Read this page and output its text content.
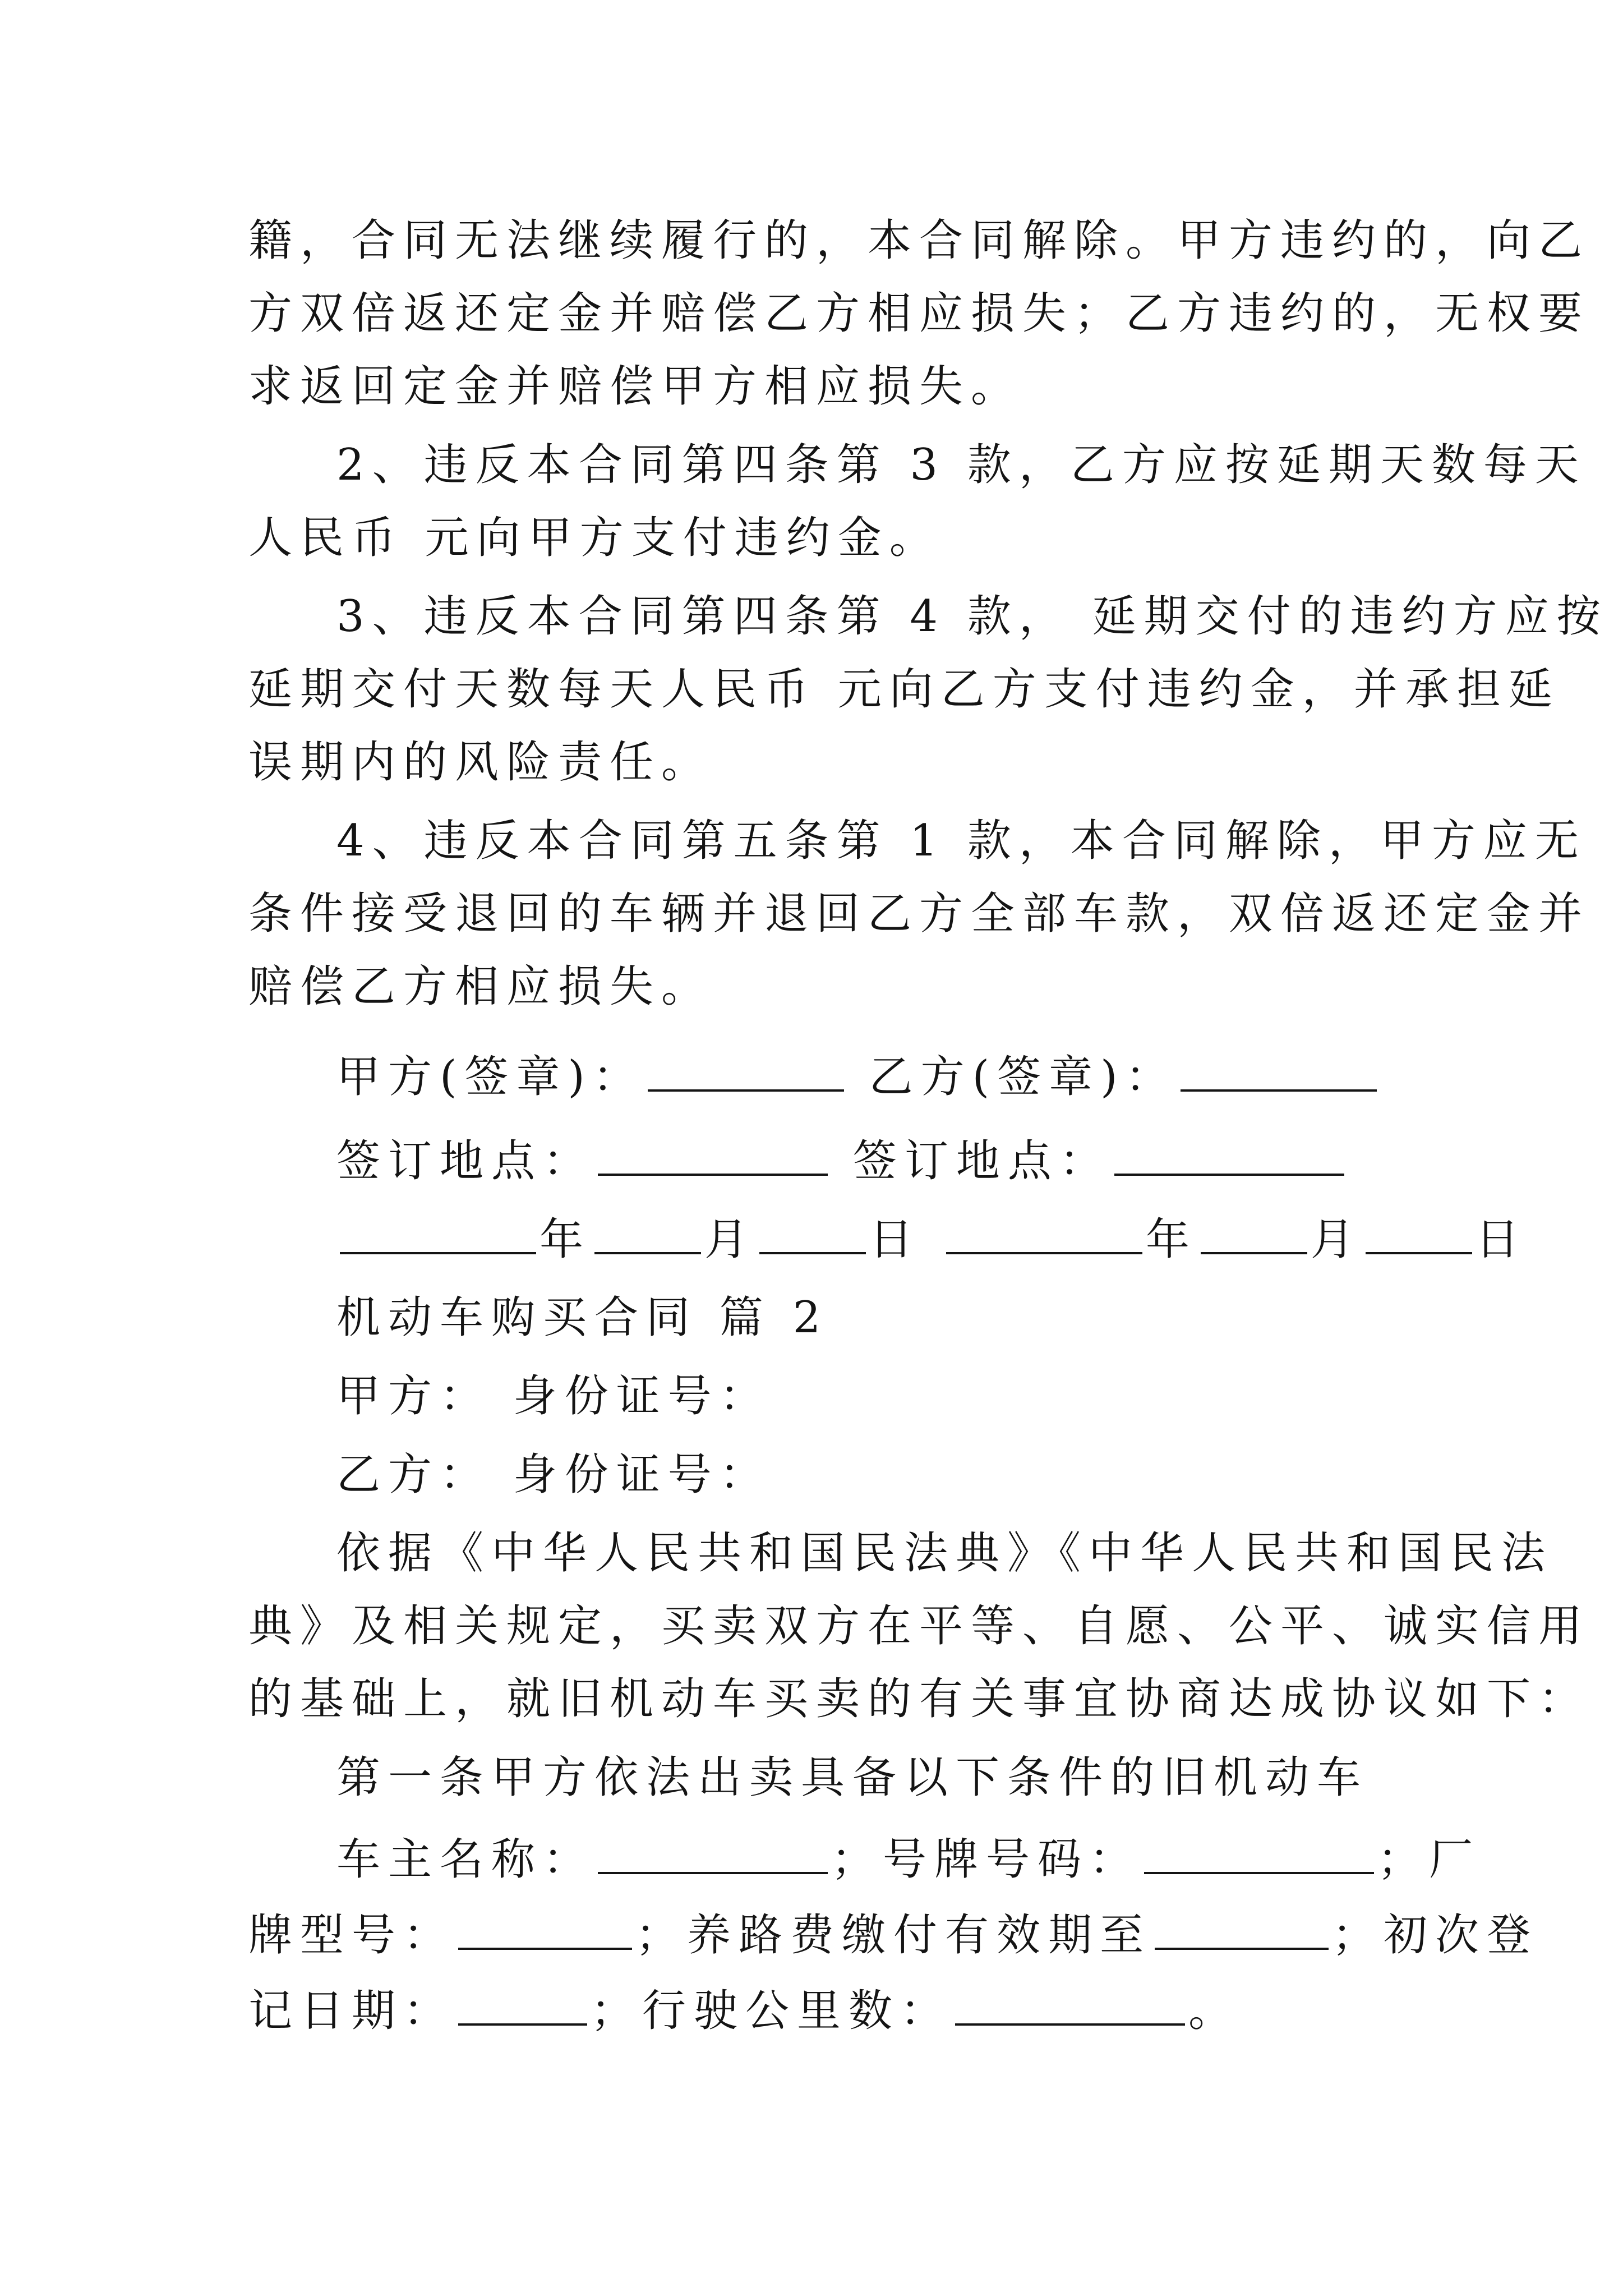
籍，合同无法继续履行的，本合同解除。甲方违约的，向乙
方双倍返还定金并赔偿乙方相应损失；乙方违约的，无权要
求返回定金并赔偿甲方相应损失。
2、违反本合同第四条第 3 款，乙方应按延期天数每天
人民币 元向甲方支付违约金。
3、违反本合同第四条第 4 款， 延期交付的违约方应按
延期交付天数每天人民币 元向乙方支付违约金，并承担延
误期内的风险责任。
4、违反本合同第五条第 1 款，本合同解除，甲方应无
条件接受退回的车辆并退回乙方全部车款，双倍返还定金并
赔偿乙方相应损失。
甲方(签章)：	乙方(签章)：
签订地点：	签订地点：
年	月	日	年	月	日
机动车购买合同 篇 2
甲方： 身份证号：
乙方： 身份证号：
依据《中华人民共和国民法典》《中华人民共和国民法
典》及相关规定，买卖双方在平等、自愿、公平、诚实信用
的基础上，就旧机动车买卖的有关事宜协商达成协议如下：
第一条甲方依法出卖具备以下条件的旧机动车
车主名称：	；号牌号码：	；厂
牌型号：	；养路费缴付有效期至	；初次登
记日期：	；行驶公里数：	。
